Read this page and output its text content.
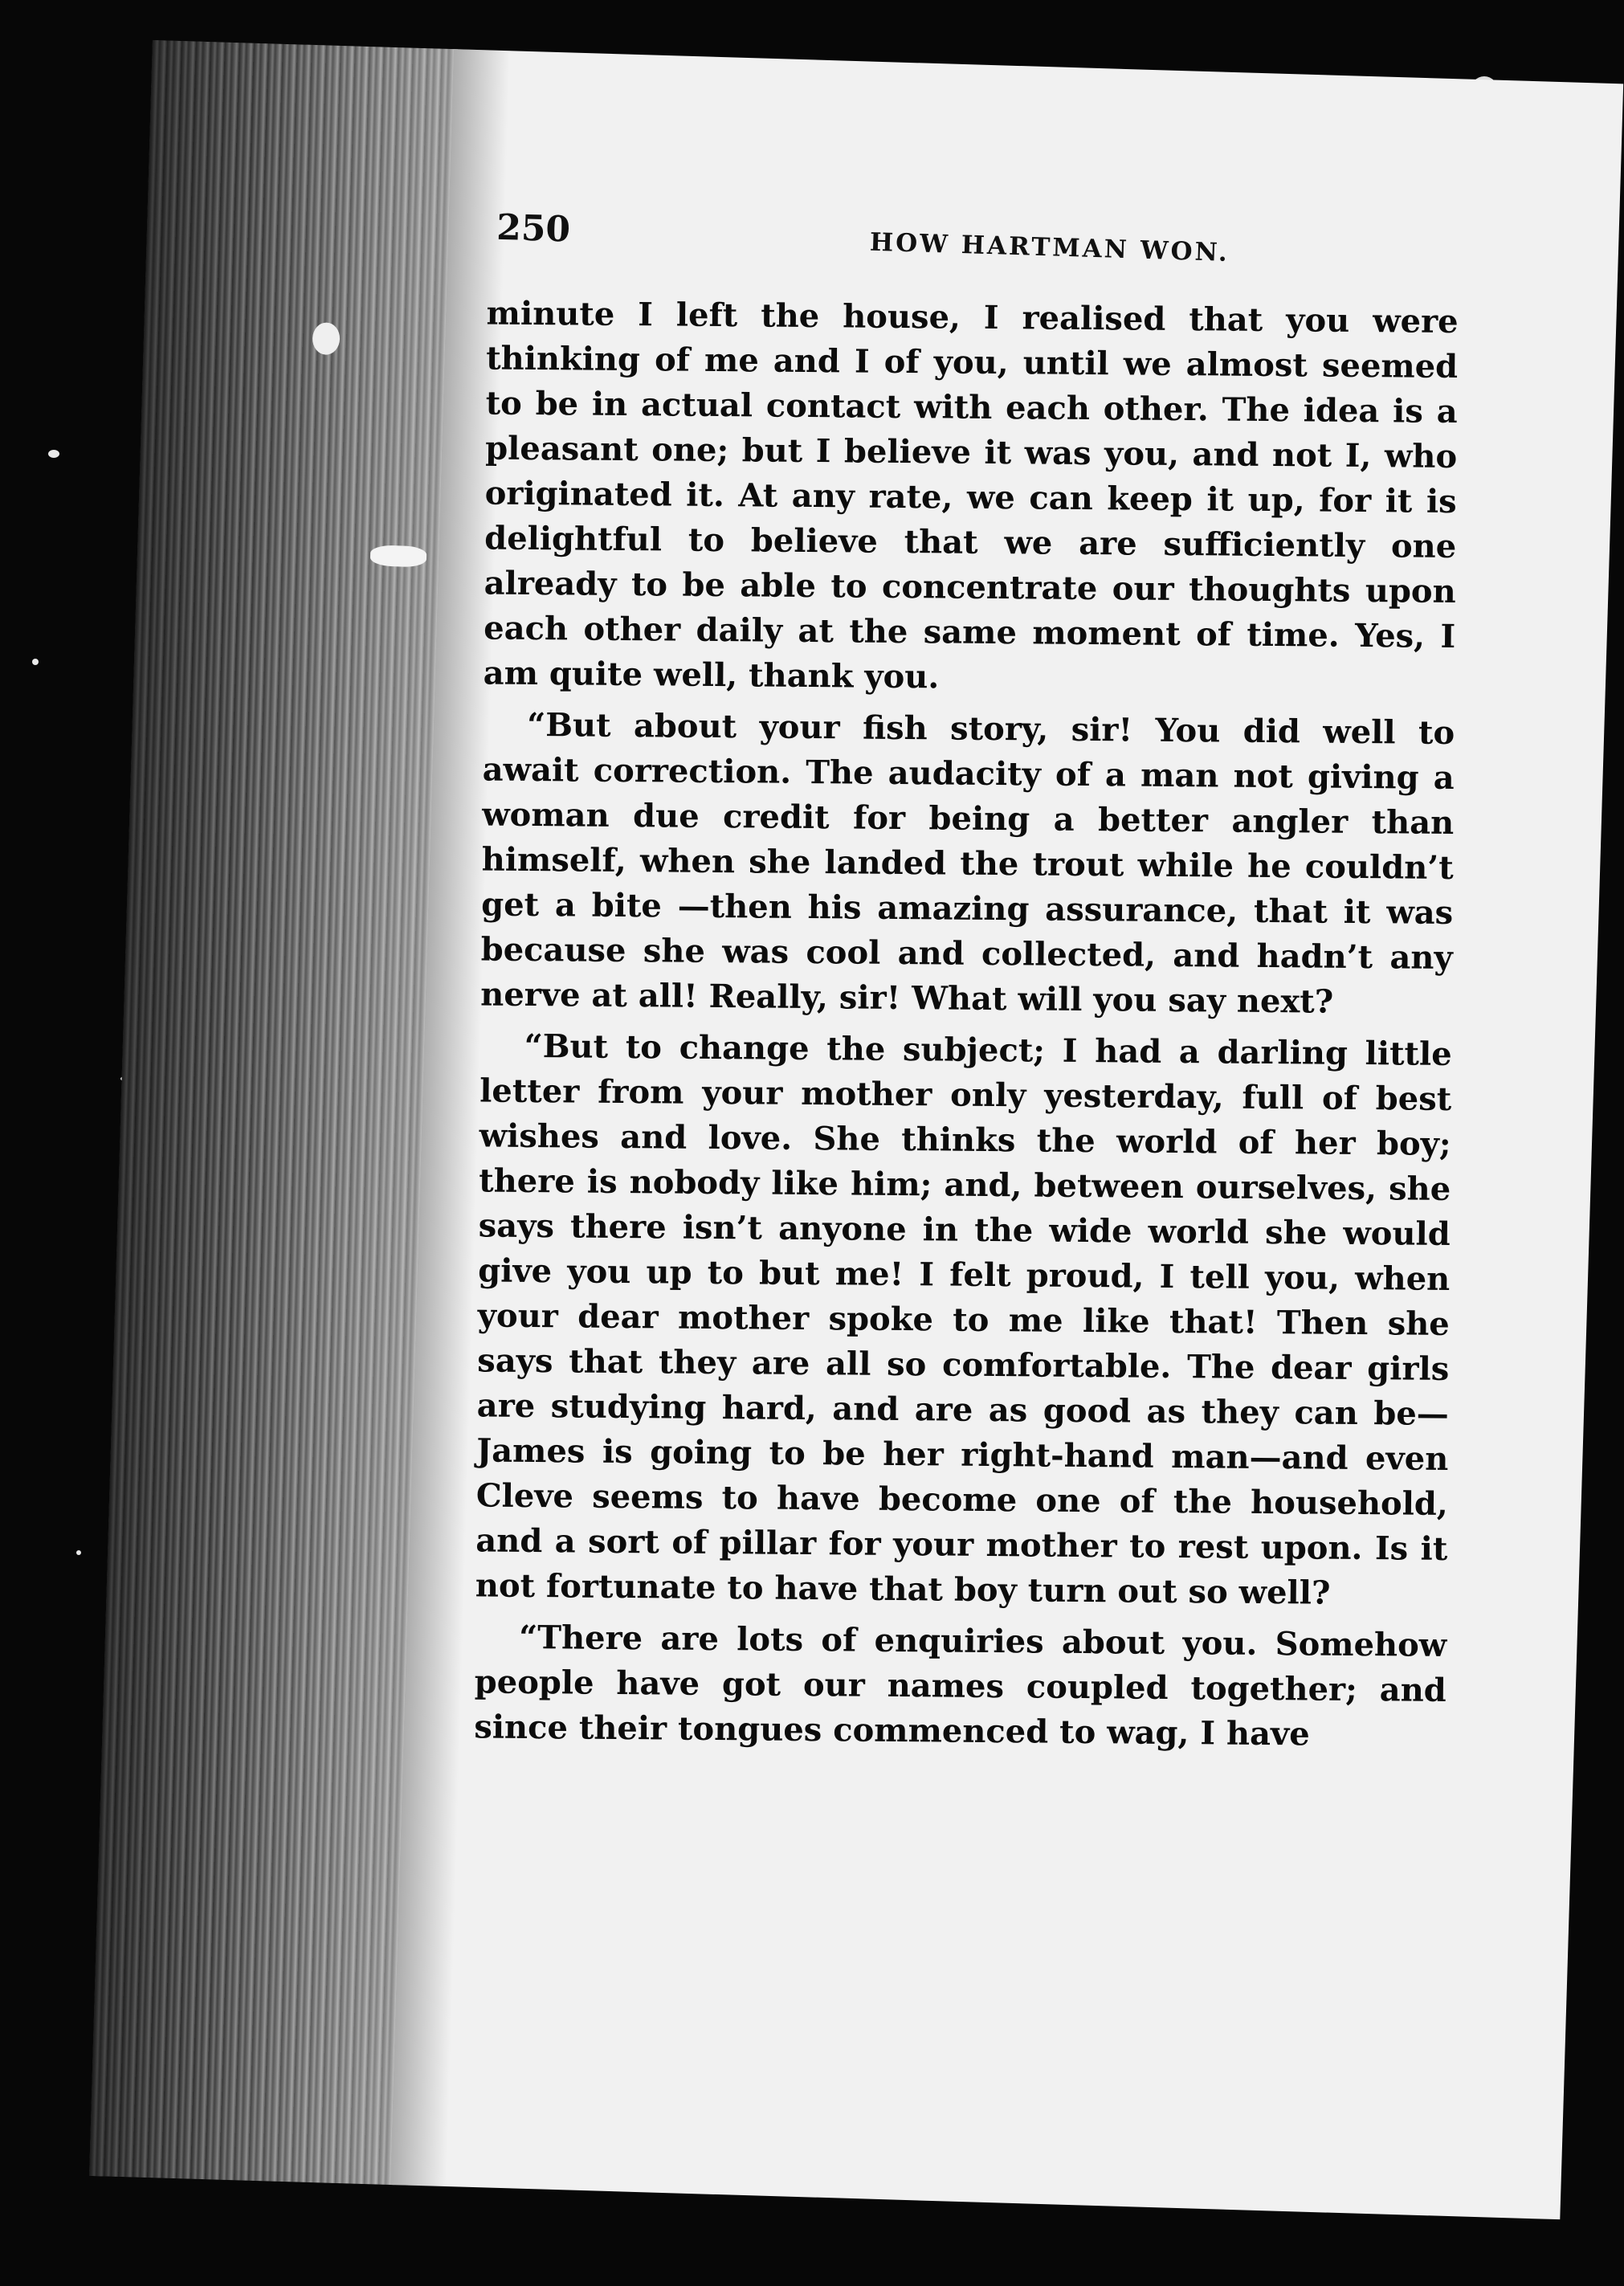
250	HOW HARTMAN WON.

minute I left the house, I realised that you were thinking of me and I of you, until we almost seemed to be in actual contact with each other. The idea is a pleasant one; but I believe it was you, and not I, who originated it. At any rate, we can keep it up, for it is delightful to believe that we are sufficiently one already to be able to concentrate our thoughts upon each other daily at the same moment of time. Yes, I am quite well, thank you.

“But about your fish story, sir! You did well to await correction. The audacity of a man not giving a woman due credit for being a better angler than himself, when she landed the trout while he couldn’t get a bite —then his amazing assurance, that it was because she was cool and collected, and hadn’t any nerve at all! Really, sir! What will you say next?

“But to change the subject; I had a darling little letter from your mother only yesterday, full of best wishes and love. She thinks the world of her boy; there is nobody like him; and, between ourselves, she says there isn’t anyone in the wide world she would give you up to but me! I felt proud, I tell you, when your dear mother spoke to me like that! Then she says that they are all so comfortable. The dear girls are studying hard, and are as good as they can be—James is going to be her right-hand man—and even Cleve seems to have become one of the household, and a sort of pillar for your mother to rest upon. Is it not fortunate to have that boy turn out so well?

“There are lots of enquiries about you. Somehow people have got our names coupled together; and since their tongues commenced to wag, I have
